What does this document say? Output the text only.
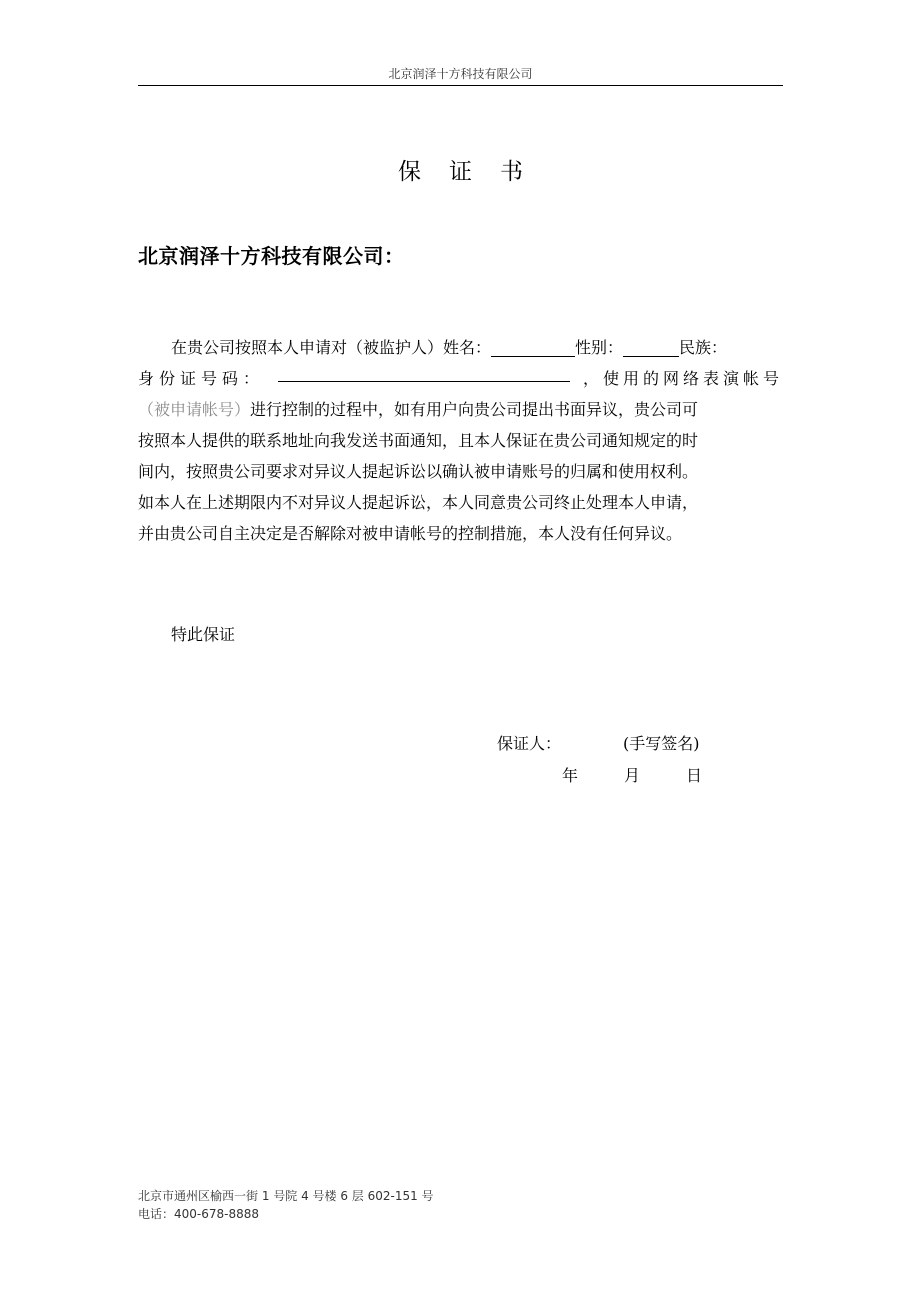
北京润泽十方科技有限公司
保证书
北京润泽十方科技有限公司：
在贵公司按照本人申请对（被监护人）姓名：	性别：	民族：
身份证号码：	，使用的网络表演帐号
（被申请帐号）进行控制的过程中，如有用户向贵公司提出书面异议，贵公司可
按照本人提供的联系地址向我发送书面通知，且本人保证在贵公司通知规定的时
间内，按照贵公司要求对异议人提起诉讼以确认被申请账号的归属和使用权利。
如本人在上述期限内不对异议人提起诉讼，本人同意贵公司终止处理本人申请，
并由贵公司自主决定是否解除对被申请帐号的控制措施，本人没有任何异议。
特此保证
保证人：	(手写签名)
年	月	日
北京市通州区榆西一街 1 号院 4 号楼 6 层 602-151 号
电话：400-678-8888
